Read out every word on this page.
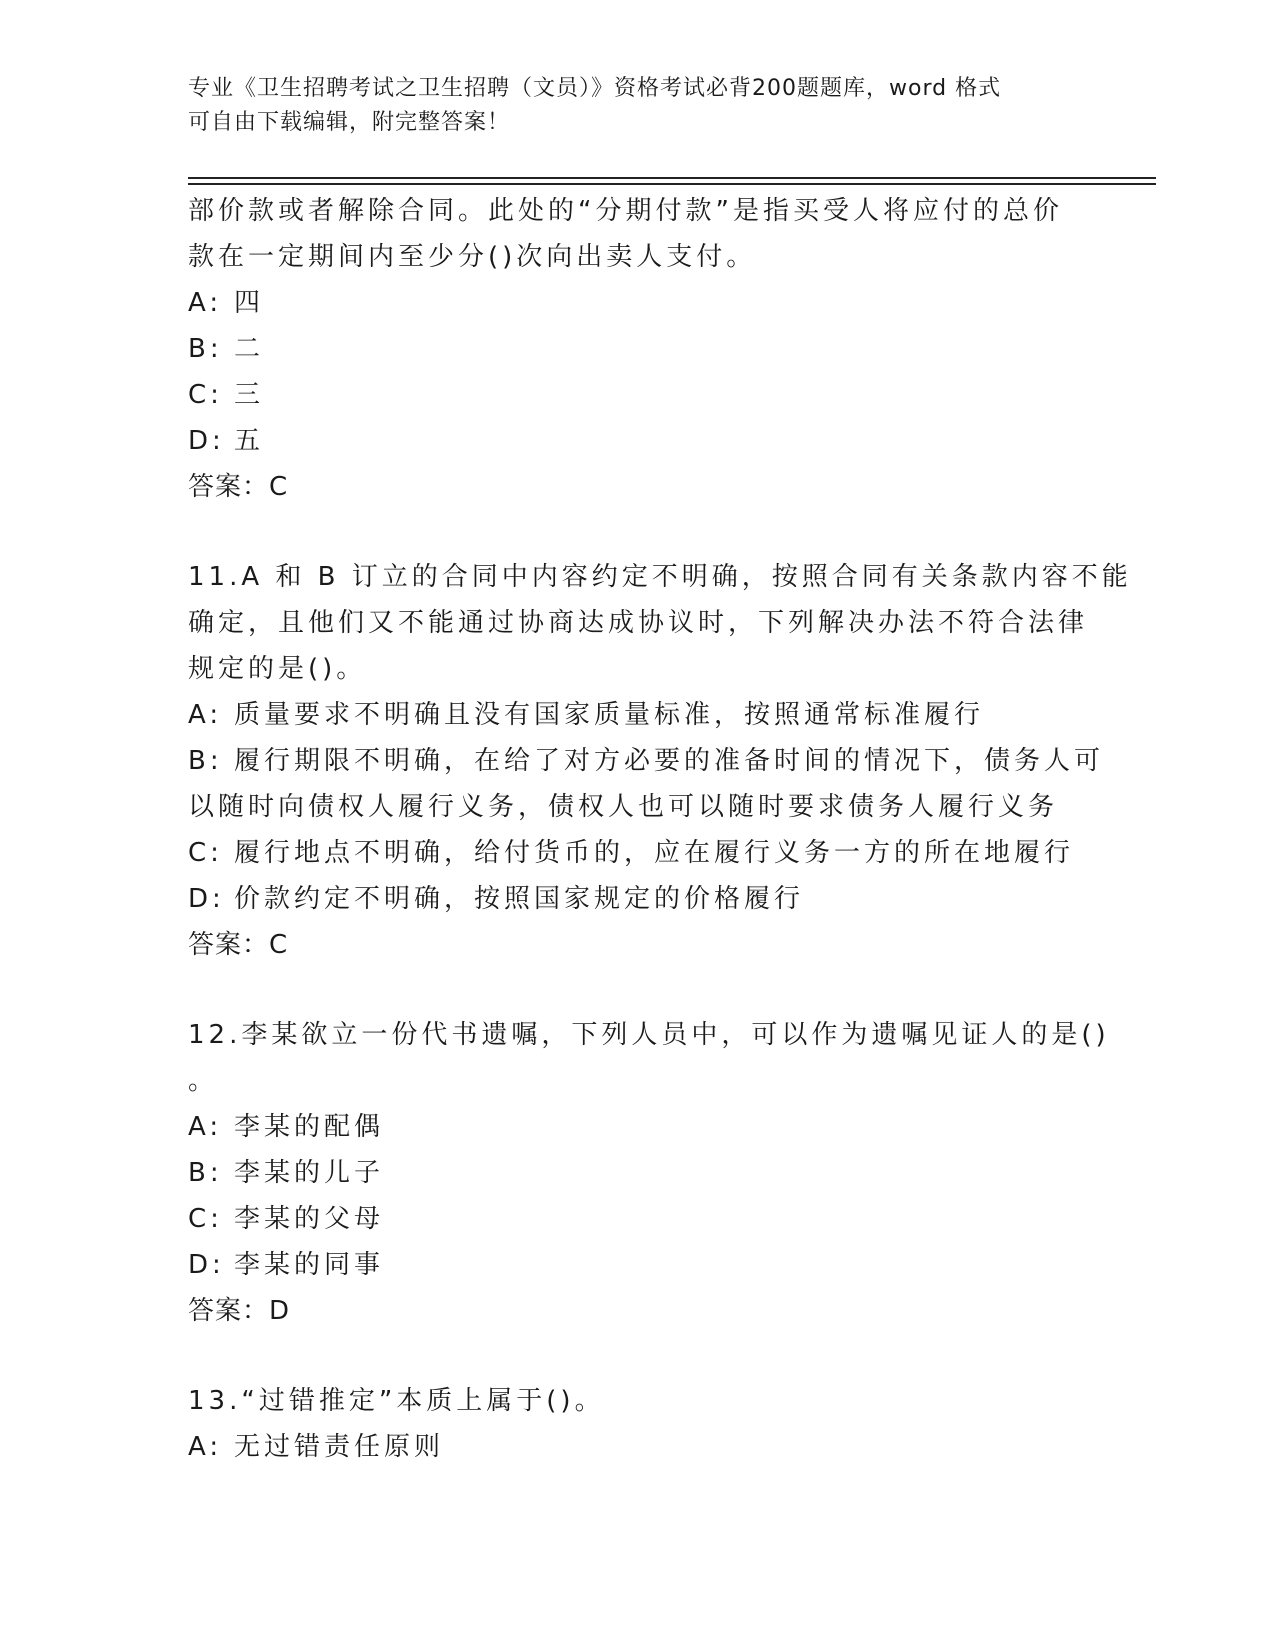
专业《卫生招聘考试之卫生招聘（文员）》资格考试必背200题题库，word 格式
可自由下载编辑，附完整答案！
部价款或者解除合同。此处的“分期付款”是指买受人将应付的总价
款在一定期间内至少分()次向出卖人支付。
A: 四
B: 二
C: 三
D: 五
答案：C
11.A 和 B 订立的合同中内容约定不明确，按照合同有关条款内容不能
确定，且他们又不能通过协商达成协议时，下列解决办法不符合法律
规定的是()。
A: 质量要求不明确且没有国家质量标准，按照通常标准履行
B: 履行期限不明确，在给了对方必要的准备时间的情况下，债务人可
以随时向债权人履行义务，债权人也可以随时要求债务人履行义务
C: 履行地点不明确，给付货币的，应在履行义务一方的所在地履行
D: 价款约定不明确，按照国家规定的价格履行
答案：C
12.李某欲立一份代书遗嘱，下列人员中，可以作为遗嘱见证人的是()
。
A: 李某的配偶
B: 李某的儿子
C: 李某的父母
D: 李某的同事
答案：D
13.“过错推定”本质上属于()。
A: 无过错责任原则
